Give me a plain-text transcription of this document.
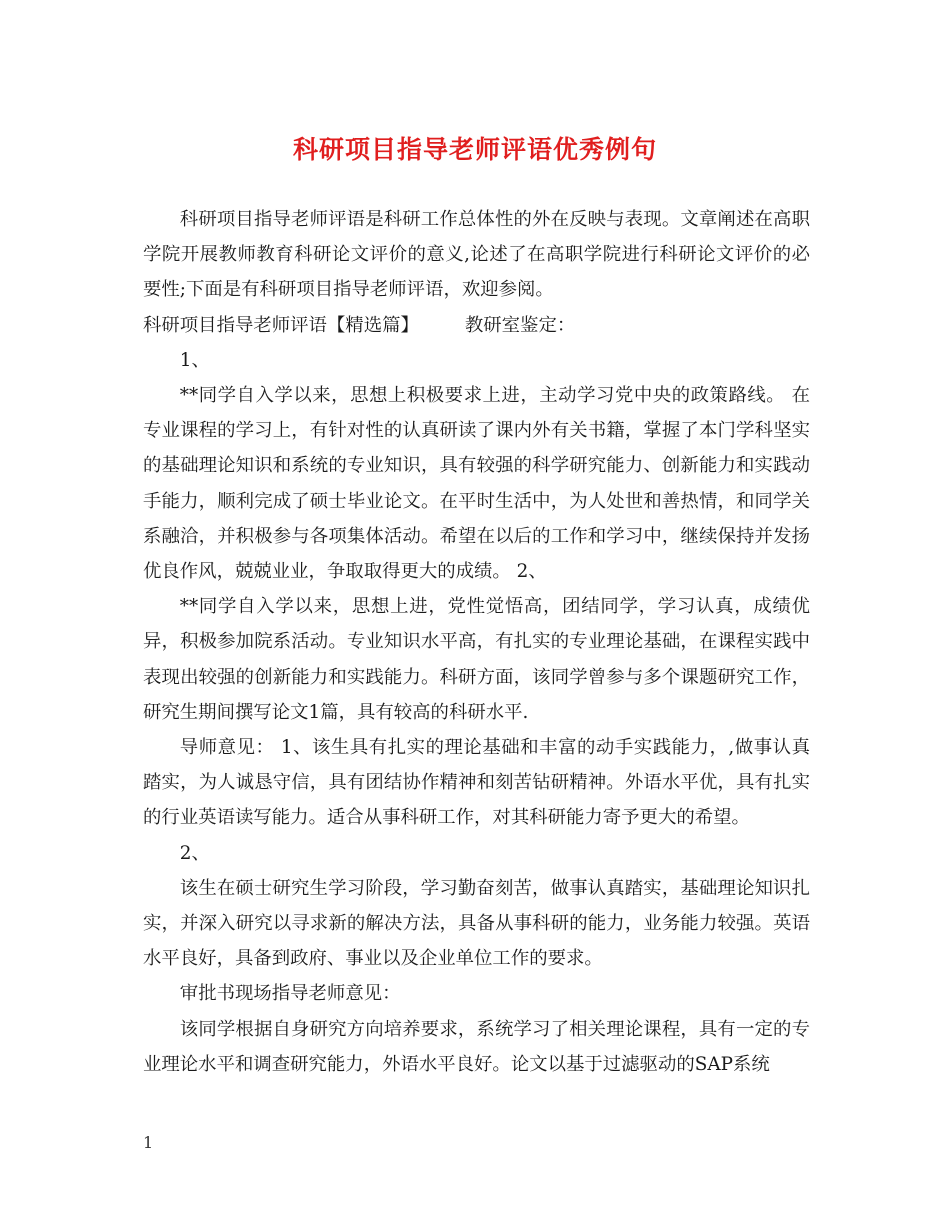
科研项目指导老师评语优秀例句

科研项目指导老师评语是科研工作总体性的外在反映与表现。文章阐述在高职学院开展教师教育科研论文评价的意义,论述了在高职学院进行科研论文评价的必要性;下面是有科研项目指导老师评语，欢迎参阅。

科研项目指导老师评语【精选篇】	教研室鉴定：

1、

**同学自入学以来，思想上积极要求上进，主动学习党中央的政策路线。 在专业课程的学习上，有针对性的认真研读了课内外有关书籍，掌握了本门学科坚实的基础理论知识和系统的专业知识，具有较强的科学研究能力、创新能力和实践动手能力，顺利完成了硕士毕业论文。在平时生活中，为人处世和善热情，和同学关系融洽，并积极参与各项集体活动。希望在以后的工作和学习中，继续保持并发扬优良作风，兢兢业业，争取取得更大的成绩。 2、

**同学自入学以来，思想上进，党性觉悟高，团结同学，学习认真，成绩优异，积极参加院系活动。专业知识水平高，有扎实的专业理论基础，在课程实践中表现出较强的创新能力和实践能力。科研方面，该同学曾参与多个课题研究工作，研究生期间撰写论文1篇，具有较高的科研水平.

导师意见： 1、该生具有扎实的理论基础和丰富的动手实践能力，,做事认真踏实，为人诚恳守信，具有团结协作精神和刻苦钻研精神。外语水平优，具有扎实的行业英语读写能力。适合从事科研工作，对其科研能力寄予更大的希望。

2、

该生在硕士研究生学习阶段，学习勤奋刻苦，做事认真踏实，基础理论知识扎实，并深入研究以寻求新的解决方法，具备从事科研的能力，业务能力较强。英语水平良好，具备到政府、事业以及企业单位工作的要求。

审批书现场指导老师意见：

该同学根据自身研究方向培养要求，系统学习了相关理论课程，具有一定的专业理论水平和调查研究能力，外语水平良好。论文以基于过滤驱动的SAP系统

1
